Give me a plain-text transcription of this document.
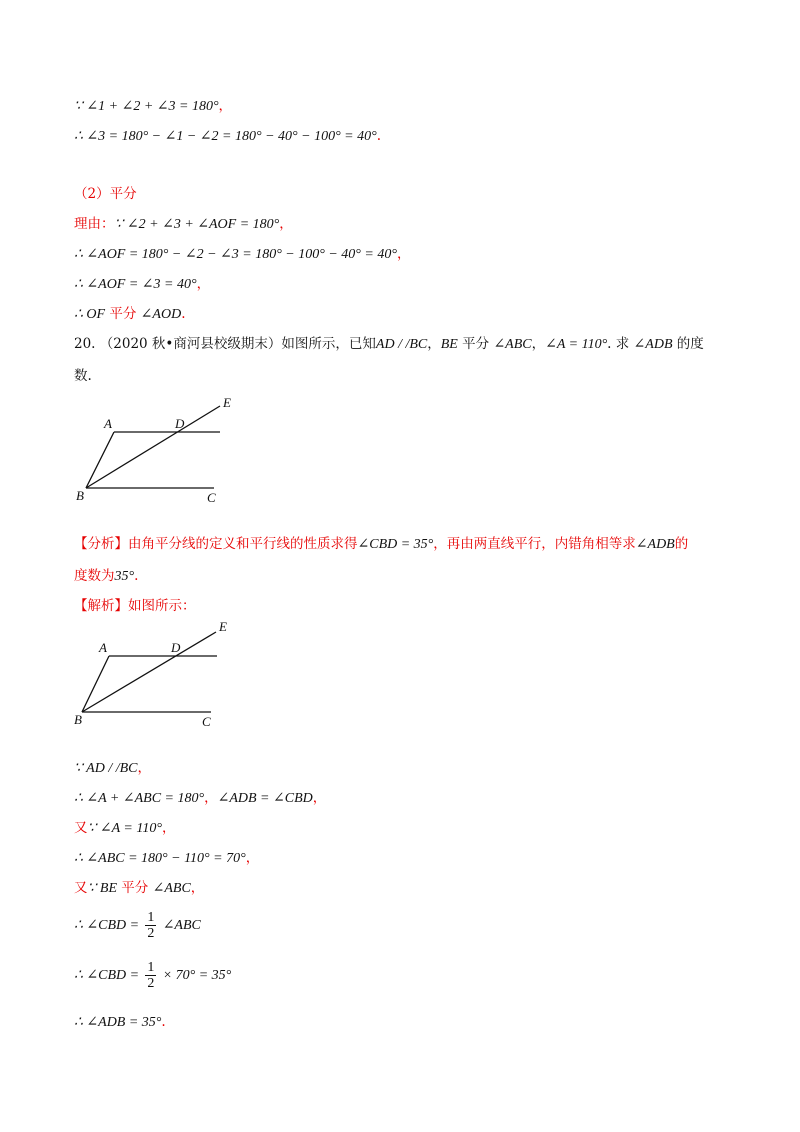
∵ ∠1 + ∠2 + ∠3 = 180°，
∴ ∠3 = 180° − ∠1 − ∠2 = 180° − 40° − 100° = 40°.
（2）平分
理由：∵ ∠2 + ∠3 + ∠AOF = 180°，
∴ ∠AOF = 180° − ∠2 − ∠3 = 180° − 100° − 40° = 40°，
∴ ∠AOF = ∠3 = 40°，
∴ OF 平分 ∠AOD.
20. （2020 秋•商河县校级期末）如图所示，已知AD / /BC，BE 平分 ∠ABC，∠A = 110°. 求 ∠ADB 的度
数.
A	D
E
B	C
【分析】由角平分线的定义和平行线的性质求得∠CBD = 35°，再由两直线平行，内错角相等求∠ADB的
度数为35°.
【解析】如图所示：
A	D
E
B	C
∵ AD / /BC，
∴ ∠A + ∠ABC = 180°，∠ADB = ∠CBD，
又∵ ∠A = 110°，
∴ ∠ABC = 180° − 110° = 70°，
又∵ BE 平分 ∠ABC，
∴ ∠CBD = $\frac{1}{2}$ ∠ABC
∴ ∠CBD = $\frac{1}{2} \times 70^\circ = 35^\circ$
∴ ∠ADB = 35°.
